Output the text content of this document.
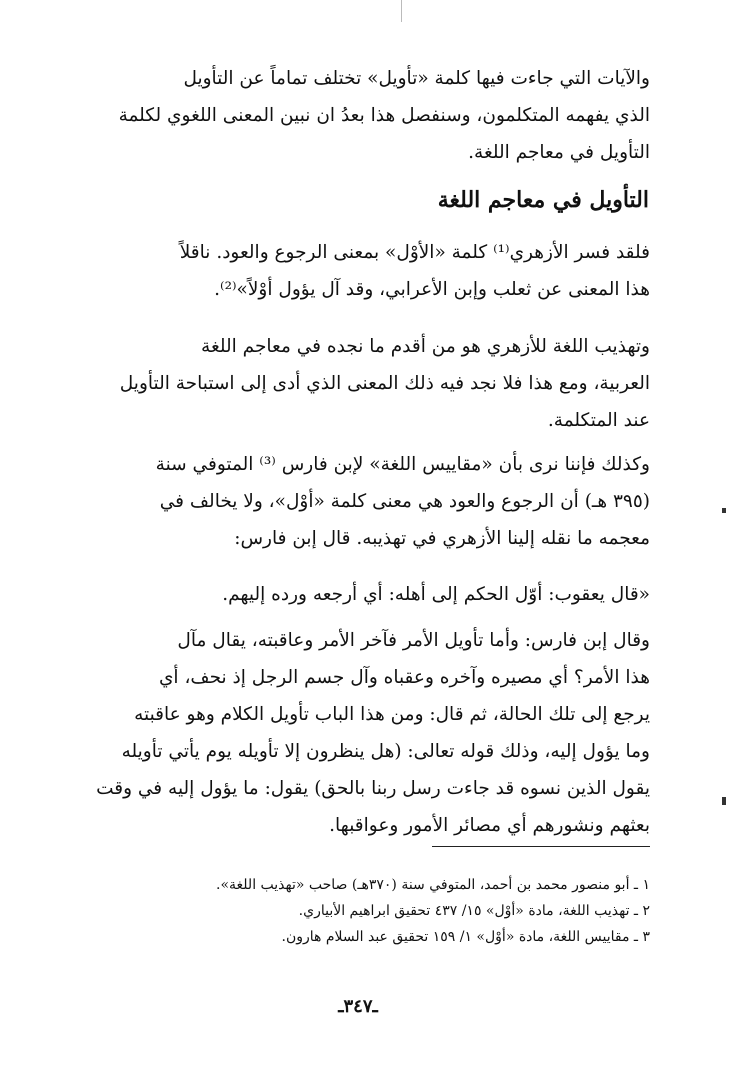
والآيات التي جاءت فيها كلمة «تأويل» تختلف تماماً عن التأويل
الذي يفهمه المتكلمون، وسنفصل هذا بعدُ ان نبين المعنى اللغوي لكلمة
التأويل في معاجم اللغة.
التأويل في معاجم اللغة
فلقد فسر الأزهري⁽¹⁾ كلمة «الأوْل» بمعنى الرجوع والعود. ناقلاً
هذا المعنى عن ثعلب وإبن الأعرابي، وقد آل يؤول أوْلاً»⁽²⁾.
وتهذيب اللغة للأزهري هو من أقدم ما نجده في معاجم اللغة
العربية، ومع هذا فلا نجد فيه ذلك المعنى الذي أدى إلى استباحة التأويل
عند المتكلمة.
وكذلك فإننا نرى بأن «مقاييس اللغة» لإبن فارس ⁽³⁾ المتوفي سنة
(٣٩٥ هـ) أن الرجوع والعود هي معنى كلمة «أوْل»، ولا يخالف في
معجمه ما نقله إلينا الأزهري في تهذيبه. قال إبن فارس:
«قال يعقوب: أوّل الحكم إلى أهله: أي أرجعه ورده إليهم.
وقال إبن فارس: وأما تأويل الأمر فآخر الأمر وعاقبته، يقال مآل
هذا الأمر؟ أي مصيره وآخره وعقباه وآل جسم الرجل إذ نحف، أي
يرجع إلى تلك الحالة، ثم قال: ومن هذا الباب تأويل الكلام وهو عاقبته
وما يؤول إليه، وذلك قوله تعالى: (هل ينظرون إلا تأويله يوم يأتي تأويله
يقول الذين نسوه قد جاءت رسل ربنا بالحق) يقول: ما يؤول إليه في وقت
بعثهم ونشورهم أي مصائر الأمور وعواقبها.
١ ـ أبو منصور محمد بن أحمد، المتوفي سنة (٣٧٠هـ) صاحب «تهذيب اللغة».
٢ ـ تهذيب اللغة، مادة «أوْل» ١٥/ ٤٣٧ تحقيق ابراهيم الأبياري.
٣ ـ مقاييس اللغة، مادة «أوْل» ١/ ١٥٩ تحقيق عبد السلام هارون.
ـ٣٤٧ـ
